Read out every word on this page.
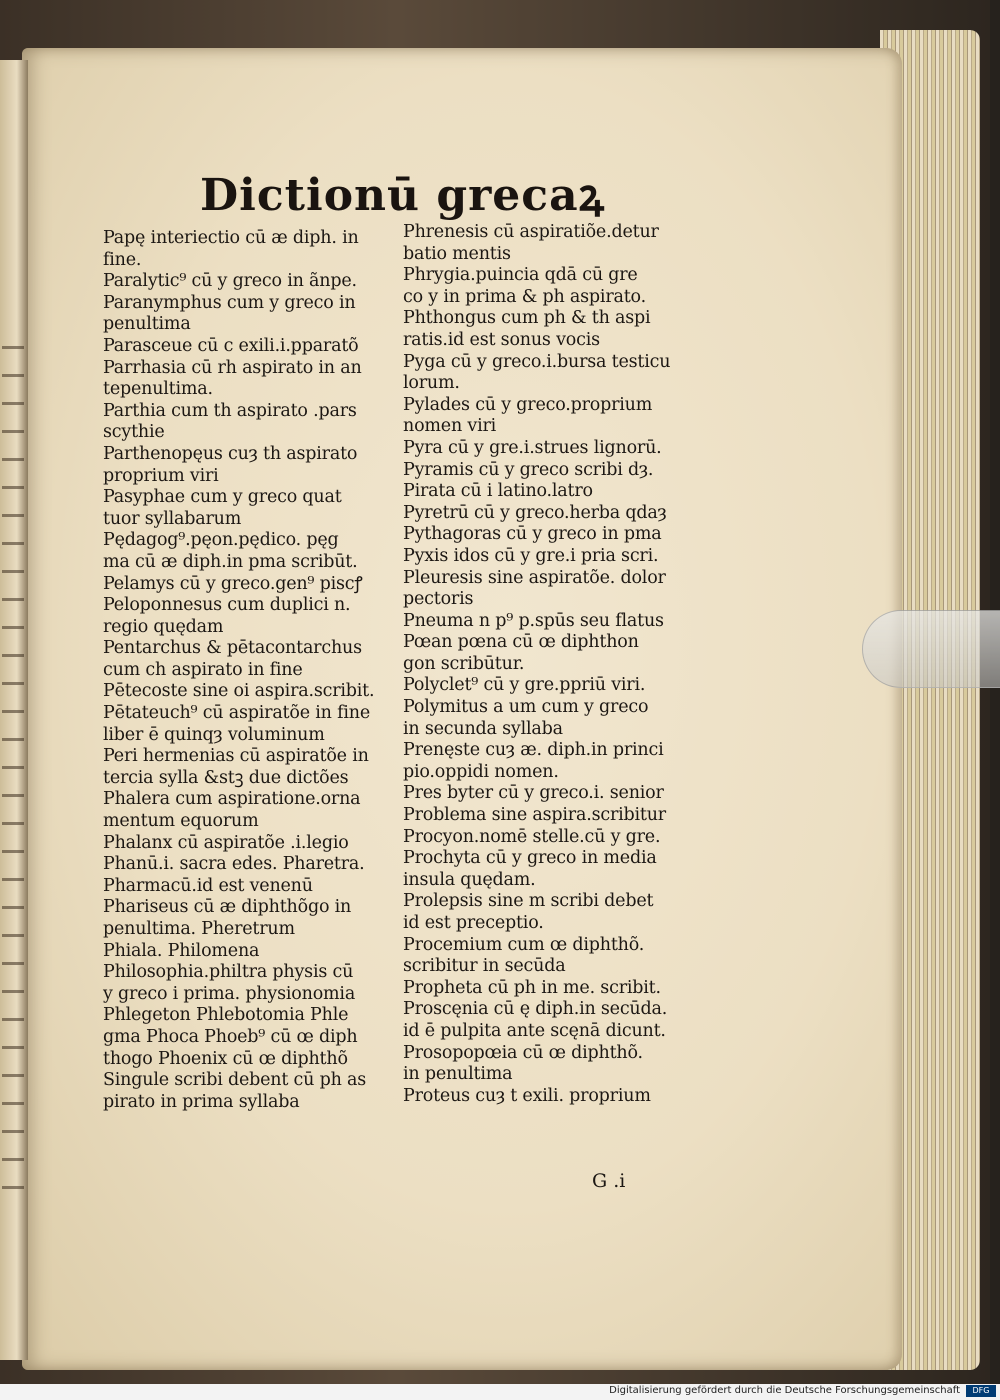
Dictionū grecaꝝ
Papę interiectio cū æ diph. in
fine.
Paralytic⁹ cū y greco in ãnpe.
Paranymphus cum y greco in
penultima
Parasceue cū c exili.i.pparatõ
Parrhasia cū rh aspirato in an
tepenultima.
Parthia cum th aspirato .pars
scythie
Parthenopęus cuȝ th aspirato
proprium viri
Pasyphae cum y greco quat
tuor syllabarum
Pędagog⁹.pęon.pędico. pęg
ma cū æ diph.in pma scribūt.
Pelamys cū y greco.gen⁹ piscꝭ
Peloponnesus cum duplici n.
regio quędam
Pentarchus & pētacontarchus
cum ch aspirato in fine
Pētecoste sine oi aspira.scribit.
Pētateuch⁹ cū aspiratõe in fine
liber ē quinqȝ voluminum
Peri hermenias cū aspiratõe in
tercia sylla &stꝫ due dictões
Phalera cum aspiratione.orna
mentum equorum
Phalanx cū aspiratõe .i.legio
Phanū.i. sacra edes. Pharetra.
Pharmacū.id est venenū
Phariseus cū æ diphthõgo in
penultima. Pheretrum
Phiala. Philomena
Philosophia.philtra physis cū
y greco i prima. physionomia
Phlegeton Phlebotomia Phle
gma Phoca Phoeb⁹ cū œ diph
thogo Phoenix cū œ diphthõ
Singule scribi debent cū ph as
pirato in prima syllaba
Phrenesis cū aspiratiõe.detur
batio mentis
Phrygia.puincia qdā cū gre
co y in prima & ph aspirato.
Phthongus cum ph & th aspi
ratis.id est sonus vocis
Pyga cū y greco.i.bursa testicu
lorum.
Pylades cū y greco.proprium
nomen viri
Pyra cū y gre.i.strues lignorū.
Pyramis cū y greco scribi dȝ.
Pirata cū i latino.latro
Pyretrū cū y greco.herba qdaȝ
Pythagoras cū y greco in pma
Pyxis idos cū y gre.i pria scri.
Pleuresis sine aspiratõe. dolor
pectoris
Pneuma n p⁹ p.spūs seu flatus
Pœan pœna cū œ diphthon
gon scribūtur.
Polyclet⁹ cū y gre.ppriū viri.
Polymitus a um cum y greco
in secunda syllaba
Prenęste cuȝ æ. diph.in princi
pio.oppidi nomen.
Pres byter cū y greco.i. senior
Problema sine aspira.scribitur
Procyon.nomē stelle.cū y gre.
Prochyta cū y greco in media
insula quędam.
Prolepsis sine m scribi debet
id est preceptio.
Procemium cum œ diphthõ.
scribitur in secūda
Propheta cū ph in me. scribit.
Proscęnia cū ę diph.in secūda.
id ē pulpita ante scęnā dicunt.
Prosopopœia cū œ diphthõ.
in penultima
Proteus cuȝ t exili. proprium
G .i
Digitalisierung gefördert durch die Deutsche Forschungsgemeinschaft	DFG
